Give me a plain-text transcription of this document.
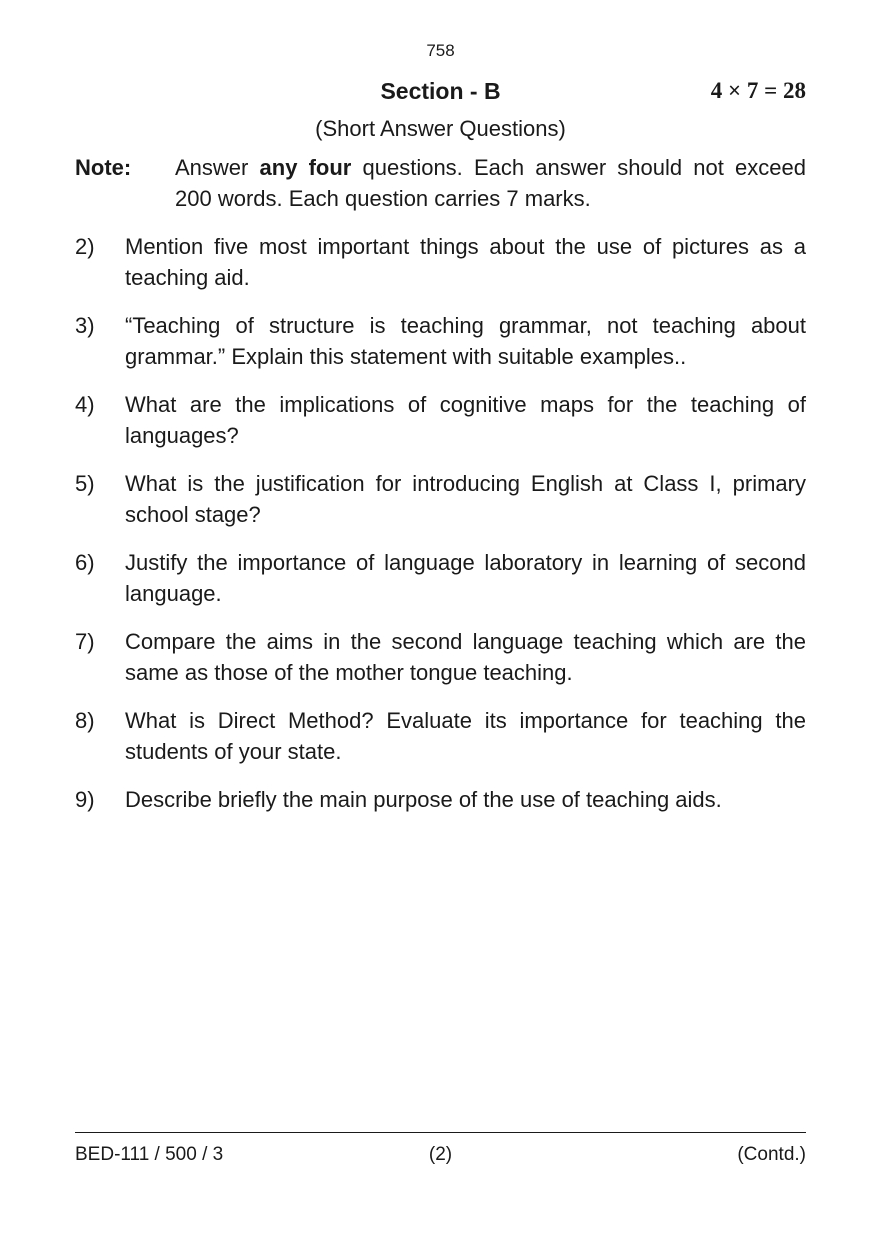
758
Section - B	4 × 7 = 28
(Short Answer Questions)
Note: Answer any four questions. Each answer should not exceed 200 words. Each question carries 7 marks.
2) Mention five most important things about the use of pictures as a teaching aid.
3) “Teaching of structure is teaching grammar, not teaching about grammar.” Explain this statement with suitable examples..
4) What are the implications of cognitive maps for the teaching of languages?
5) What is the justification for introducing English at Class I, primary school stage?
6) Justify the importance of language laboratory in learning of second language.
7) Compare the aims in the second language teaching which are the same as those of the mother tongue teaching.
8) What is Direct Method? Evaluate its importance for teaching the students of your state.
9) Describe briefly the main purpose of the use of teaching aids.
BED-111 / 500 / 3	(2)	(Contd.)
